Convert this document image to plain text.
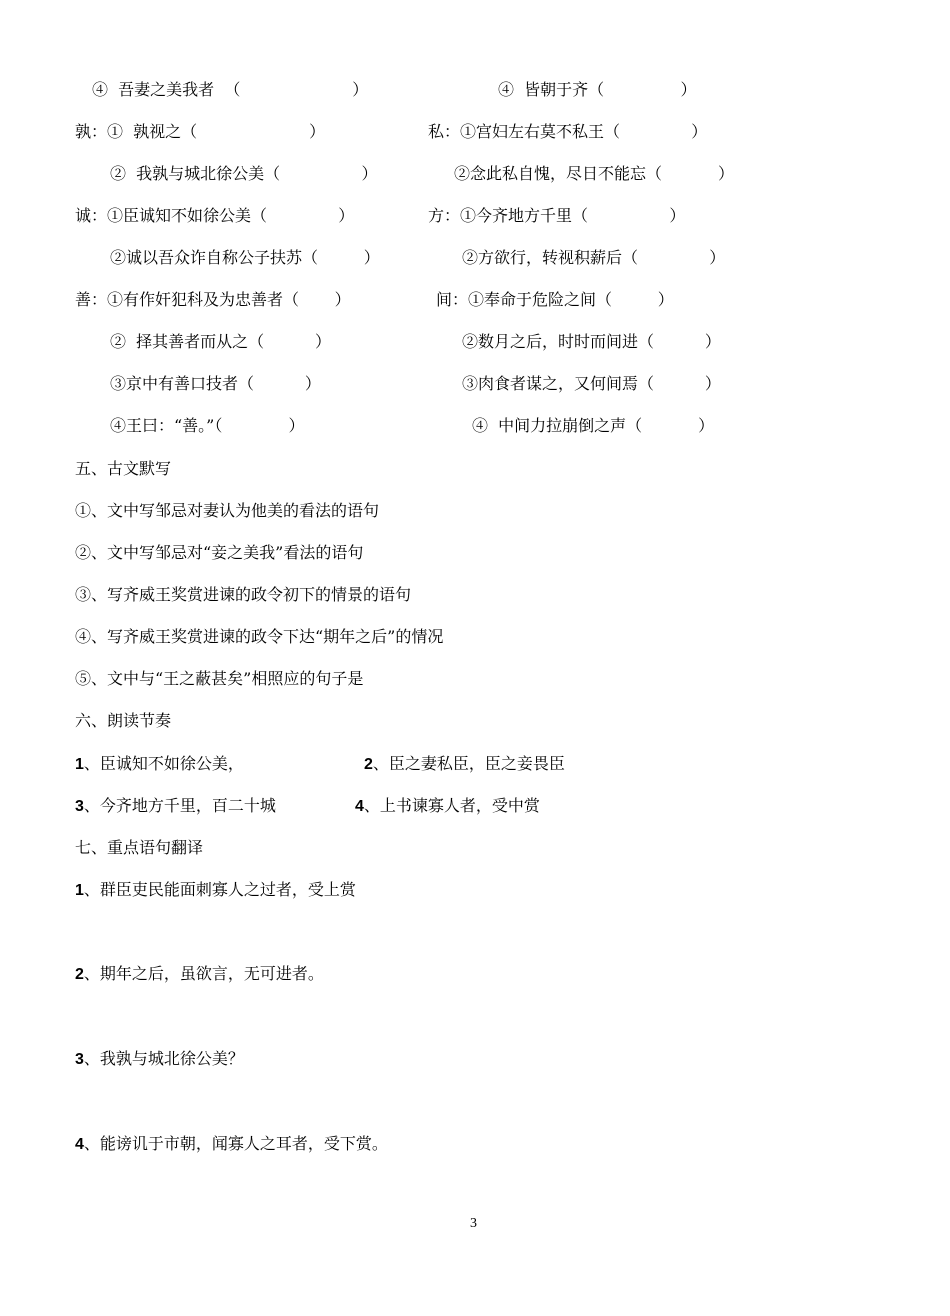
④  吾妻之美我者  （                      ）	④  皆朝于齐（               ）
孰：①  孰视之（                      ）	私：①宫妇左右莫不私王（              ）
②  我孰与城北徐公美（                ）	②念此私自愧，尽日不能忘（           ）
诚：①臣诚知不如徐公美（              ）	方：①今齐地方千里（                ）
②诚以吾众诈自称公子扶苏（         ）	②方欲行，转视积薪后（              ）
善：①有作奸犯科及为忠善者（       ）	间：①奉命于危险之间（         ）
②  择其善者而从之（          ）	②数月之后，时时而间进（          ）
③京中有善口技者（          ）	③肉食者谋之，又何间焉（          ）
④王曰：“善。”（             ）	④  中间力拉崩倒之声（           ）
五、古文默写
①、文中写邹忌对妻认为他美的看法的语句
②、文中写邹忌对“妾之美我”看法的语句
③、写齐威王奖赏进谏的政令初下的情景的语句
④、写齐威王奖赏进谏的政令下达“期年之后”的情况
⑤、文中与“王之蔽甚矣”相照应的句子是
六、朗读节奏
1、臣诚知不如徐公美，	2、臣之妻私臣，臣之妾畏臣
3、今齐地方千里，百二十城	4、上书谏寡人者，受中赏
七、重点语句翻译
1、群臣吏民能面刺寡人之过者，受上赏
2、期年之后，虽欲言，无可进者。
3、我孰与城北徐公美？
4、能谤讥于市朝，闻寡人之耳者，受下赏。
3
